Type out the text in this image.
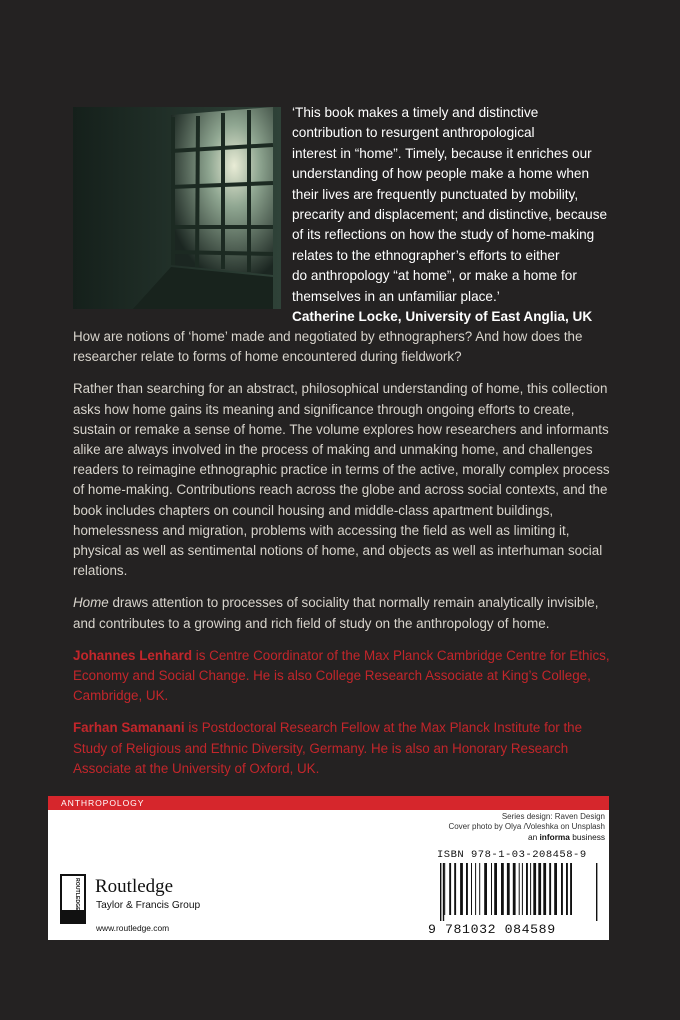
‘This book makes a timely and distinctive

contribution to resurgent anthropological

interest in “home”. Timely, because it enriches our

understanding of how people make a home when

their lives are frequently punctuated by mobility,

precarity and displacement; and distinctive, because

of its reflections on how the study of home-making

relates to the ethnographer’s efforts to either

do anthropology “at home”, or make a home for

themselves in an unfamiliar place.’

Catherine Locke, University of East Anglia, UK

How are notions of ‘home’ made and negotiated by ethnographers? And how does the researcher relate to forms of home encountered during fieldwork?

Rather than searching for an abstract, philosophical understanding of home, this collection asks how home gains its meaning and significance through ongoing efforts to create, sustain or remake a sense of home. The volume explores how researchers and informants alike are always involved in the process of making and unmaking home, and challenges readers to reimagine ethnographic practice in terms of the active, morally complex process of home-making. Contributions reach across the globe and across social contexts, and the book includes chapters on council housing and middle-class apartment buildings, homelessness and migration, problems with accessing the field as well as limiting it, physical as well as sentimental notions of home, and objects as well as interhuman social relations.

Home draws attention to processes of sociality that normally remain analytically invisible, and contributes to a growing and rich field of study on the anthropology of home.

Johannes Lenhard is Centre Coordinator of the Max Planck Cambridge Centre for Ethics, Economy and Social Change. He is also College Research Associate at King’s College, Cambridge, UK.

Farhan Samanani is Postdoctoral Research Fellow at the Max Planck Institute for the Study of Religious and Ethnic Diversity, Germany. He is also an Honorary Research Associate at the University of Oxford, UK.

ANTHROPOLOGY
Series design: Raven Design
Cover photo by Olya /Voleshka on Unsplash
an informa business
ISBN 978-1-03-208458-9
9 781032 084589
ROUTLEDGE Routledge
Taylor & Francis Group
www.routledge.com
